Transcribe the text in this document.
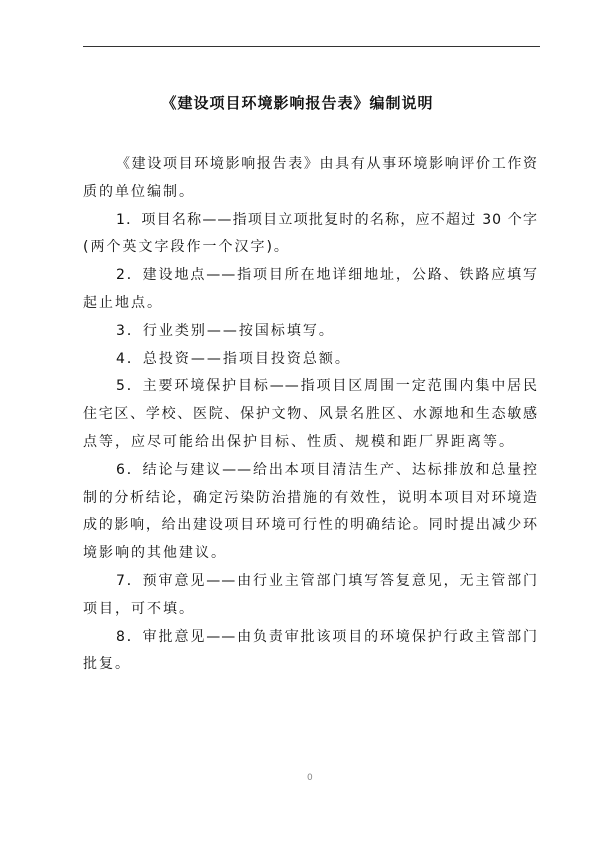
《建设项目环境影响报告表》编制说明
《建设项目环境影响报告表》由具有从事环境影响评价工作资
质的单位编制。
1．项目名称——指项目立项批复时的名称，应不超过 30 个字
(两个英文字段作一个汉字)。
2．建设地点——指项目所在地详细地址，公路、铁路应填写
起止地点。
3．行业类别——按国标填写。
4．总投资——指项目投资总额。
5．主要环境保护目标——指项目区周围一定范围内集中居民
住宅区、学校、医院、保护文物、风景名胜区、水源地和生态敏感
点等，应尽可能给出保护目标、性质、规模和距厂界距离等。
6．结论与建议——给出本项目清洁生产、达标排放和总量控
制的分析结论，确定污染防治措施的有效性，说明本项目对环境造
成的影响，给出建设项目环境可行性的明确结论。同时提出减少环
境影响的其他建议。
7．预审意见——由行业主管部门填写答复意见，无主管部门
项目，可不填。
8．审批意见——由负责审批该项目的环境保护行政主管部门
批复。
0
